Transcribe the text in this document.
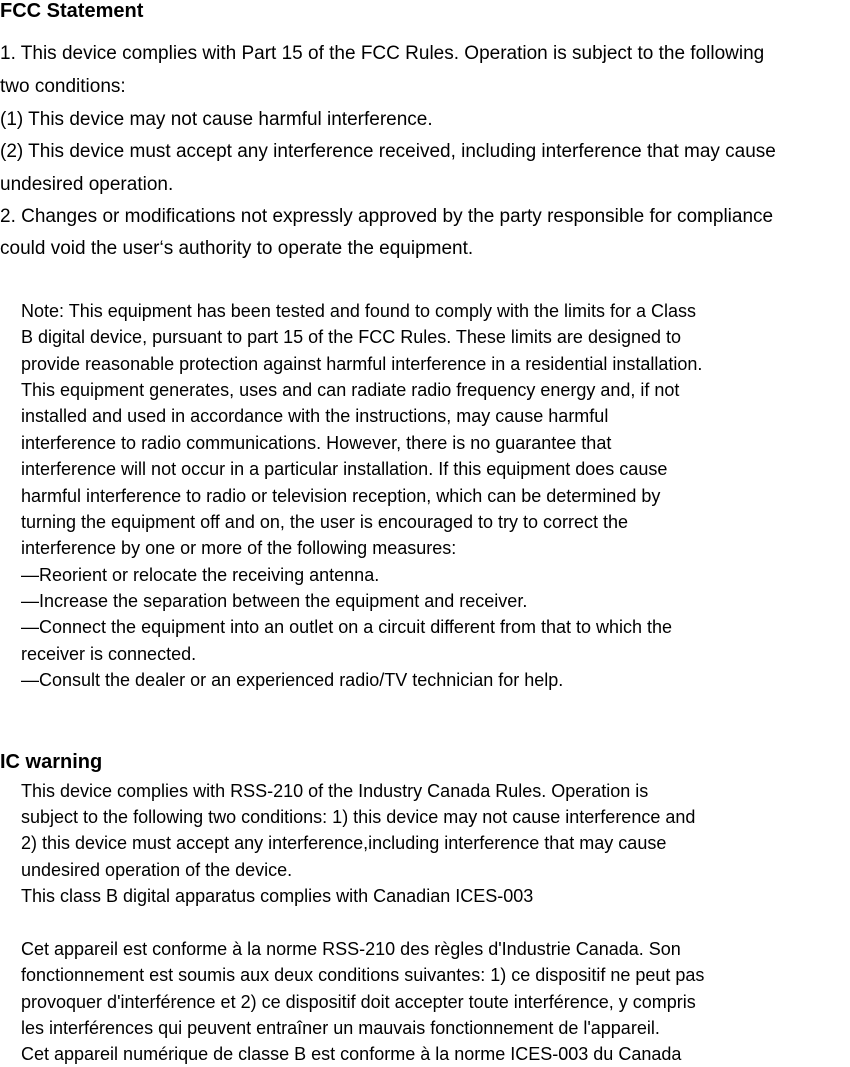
FCC Statement
1. This device complies with Part 15 of the FCC Rules. Operation is subject to the following
two conditions:
(1) This device may not cause harmful interference.
(2) This device must accept any interference received, including interference that may cause
undesired operation.
2. Changes or modifications not expressly approved by the party responsible for compliance
could void the user‘s authority to operate the equipment.
Note: This equipment has been tested and found to comply with the limits for a Class
B digital device, pursuant to part 15 of the FCC Rules. These limits are designed to
provide reasonable protection against harmful interference in a residential installation.
This equipment generates, uses and can radiate radio frequency energy and, if not
installed and used in accordance with the instructions, may cause harmful
interference to radio communications. However, there is no guarantee that
interference will not occur in a particular installation. If this equipment does cause
harmful interference to radio or television reception, which can be determined by
turning the equipment off and on, the user is encouraged to try to correct the
interference by one or more of the following measures:
—Reorient or relocate the receiving antenna.
—Increase the separation between the equipment and receiver.
—Connect the equipment into an outlet on a circuit different from that to which the
receiver is connected.
—Consult the dealer or an experienced radio/TV technician for help.
IC warning
This device complies with RSS-210 of the Industry Canada Rules. Operation is
subject to the following two conditions: 1) this device may not cause interference and
2) this device must accept any interference,including interference that may cause
undesired operation of the device.
This class B digital apparatus complies with Canadian ICES-003
Cet appareil est conforme à la norme RSS-210 des règles d'Industrie Canada. Son
fonctionnement est soumis aux deux conditions suivantes: 1) ce dispositif ne peut pas
provoquer d'interférence et 2) ce dispositif doit accepter toute interférence, y compris
les interférences qui peuvent entraîner un mauvais fonctionnement de l'appareil.
Cet appareil numérique de classe B est conforme à la norme ICES-003 du Canada
